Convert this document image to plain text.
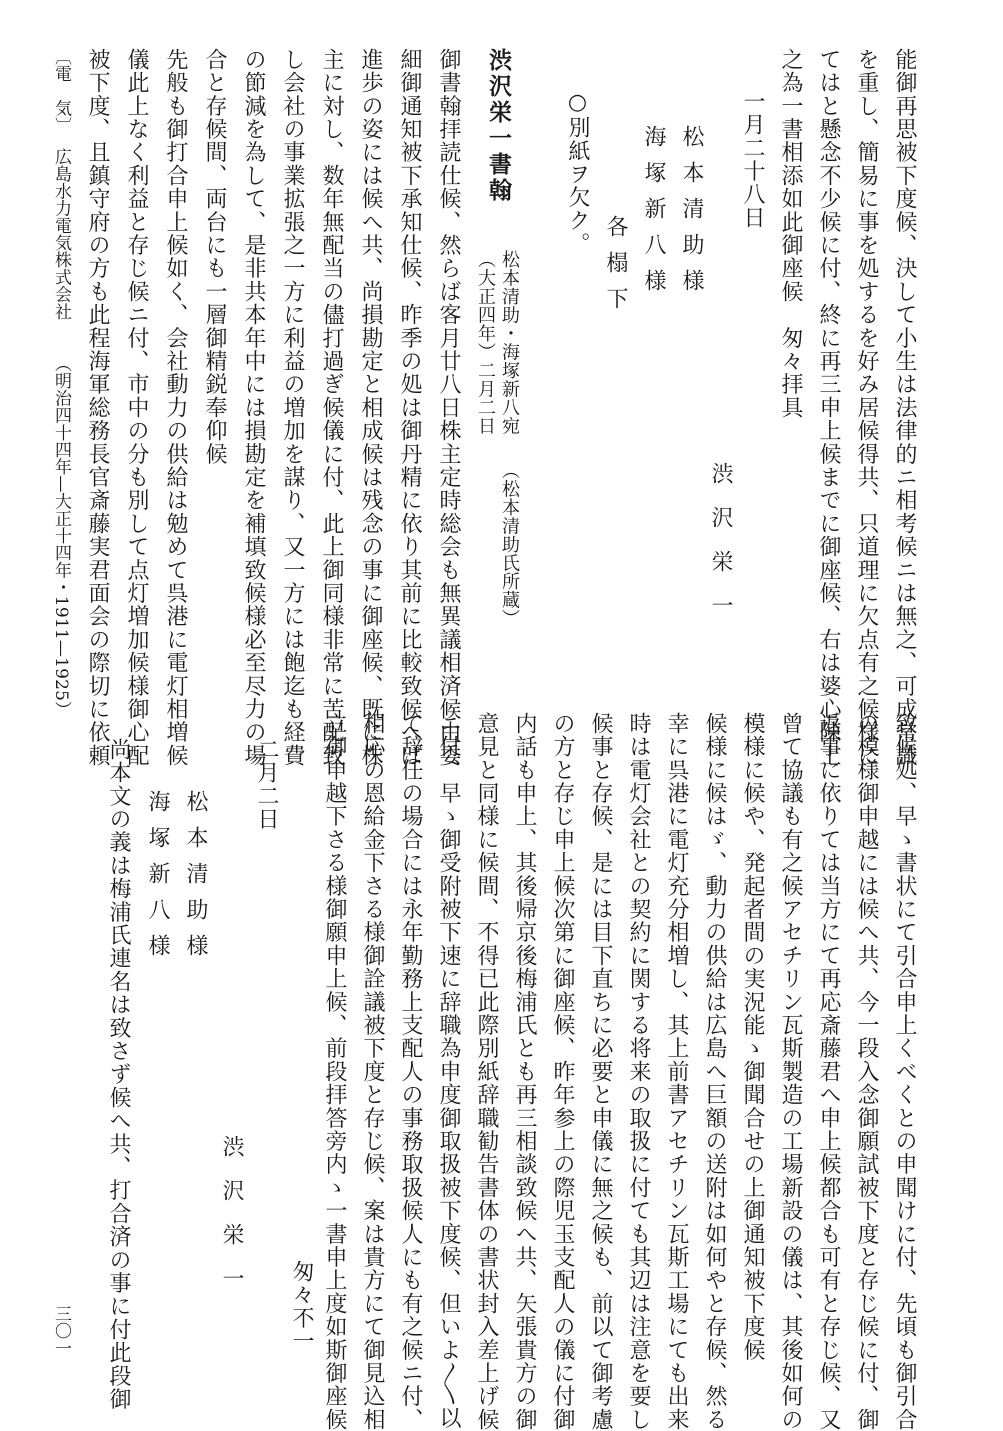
能御再思被下度候、決して小生は法律的ニ相考候ニは無之、可成常識

を重し、簡易に事を処するを好み居候得共、只道理に欠点有之候様に

てはと懸念不少候に付、終に再三申上候までに御座候、右は婆心陳上

之為一書相添如此御座候　匆々拝具

一月二十八日

渋沢栄一

松本清助様

海塚新八様

各榻下

○別紙ヲ欠ク。

（松本清助氏所蔵）

渋沢栄一書翰

松本清助・海塚新八宛

（大正四年）二月二日

御書翰拝読仕候、然らば客月廿八日株主定時総会も無異議相済候由委

細御通知被下承知仕候、昨季の処は御丹精に依り其前に比較致候へば

進歩の姿には候へ共、尚損勘定と相成候は残念の事に御座候、既に株

主に対し、数年無配当の儘打過ぎ候儀に付、此上御同様非常に苦配致

し会社の事業拡張之一方に利益の増加を謀り、又一方には飽迄も経費

の節減を為して、是非共本年中には損勘定を補填致候様必至尽力の場

合と存候間、両台にも一層御精鋭奉仰候

先般も御打合申上候如く、会社動力の供給は勉めて呉港に電灯相増候

儀此上なく利益と存じ候ニ付、市中の分も別して点灯増加候様御心配

被下度、且鎮守府の方も此程海軍総務長官斎藤実君面会の際切に依頼

〔電　気〕

広島水力電気株式会社

（明治四十四年—大正十四年・1911—1925）

致候処、早ゝ書状にて引合申上くべくとの申聞けに付、先頃も御引合

の模様御申越には候へ共、今一段入念御願試被下度と存じ候に付、御

返事に依りては当方にて再応斎藤君へ申上候都合も可有と存じ候、又

曾て協議も有之候アセチリン瓦斯製造の工場新設の儀は、其後如何の

模様に候や、発起者間の実況能ゝ御聞合せの上御通知被下度候

候様に候はゞ、動力の供給は広島へ巨額の送附は如何やと存候、然る

幸に呉港に電灯充分相増し、其上前書アセチリン瓦斯工場にても出来

時は電灯会社との契約に関する将来の取扱に付ても其辺は注意を要し

候事と存候、是には目下直ちに必要と申儀に無之候も、前以て御考慮

の方と存じ申上候次第に御座候、昨年参上の際児玉支配人の儀に付御

内話も申上、其後帰京後梅浦氏とも再三相談致候へ共、矢張貴方の御

意見と同様に候間、不得已此際別紙辞職勧告書体の書状封入差上げ候

ニ付、早ゝ御受附被下速に辞職為申度御取扱被下度候、但いよ〳〵以

て辞任の場合には永年勤務上支配人の事務取扱候人にも有之候ニ付、

相応の恩給金下さる様御詮議被下度と存じ候、案は貴方にて御見込相

立御申越下さる様御願申上候、前段拝答旁内ゝ一書申上度如斯御座候

匆々不一

二月二日

渋沢栄一

松本清助様

海塚新八様

尚本文の義は梅浦氏連名は致さず候へ共、打合済の事に付此段御

三〇一
